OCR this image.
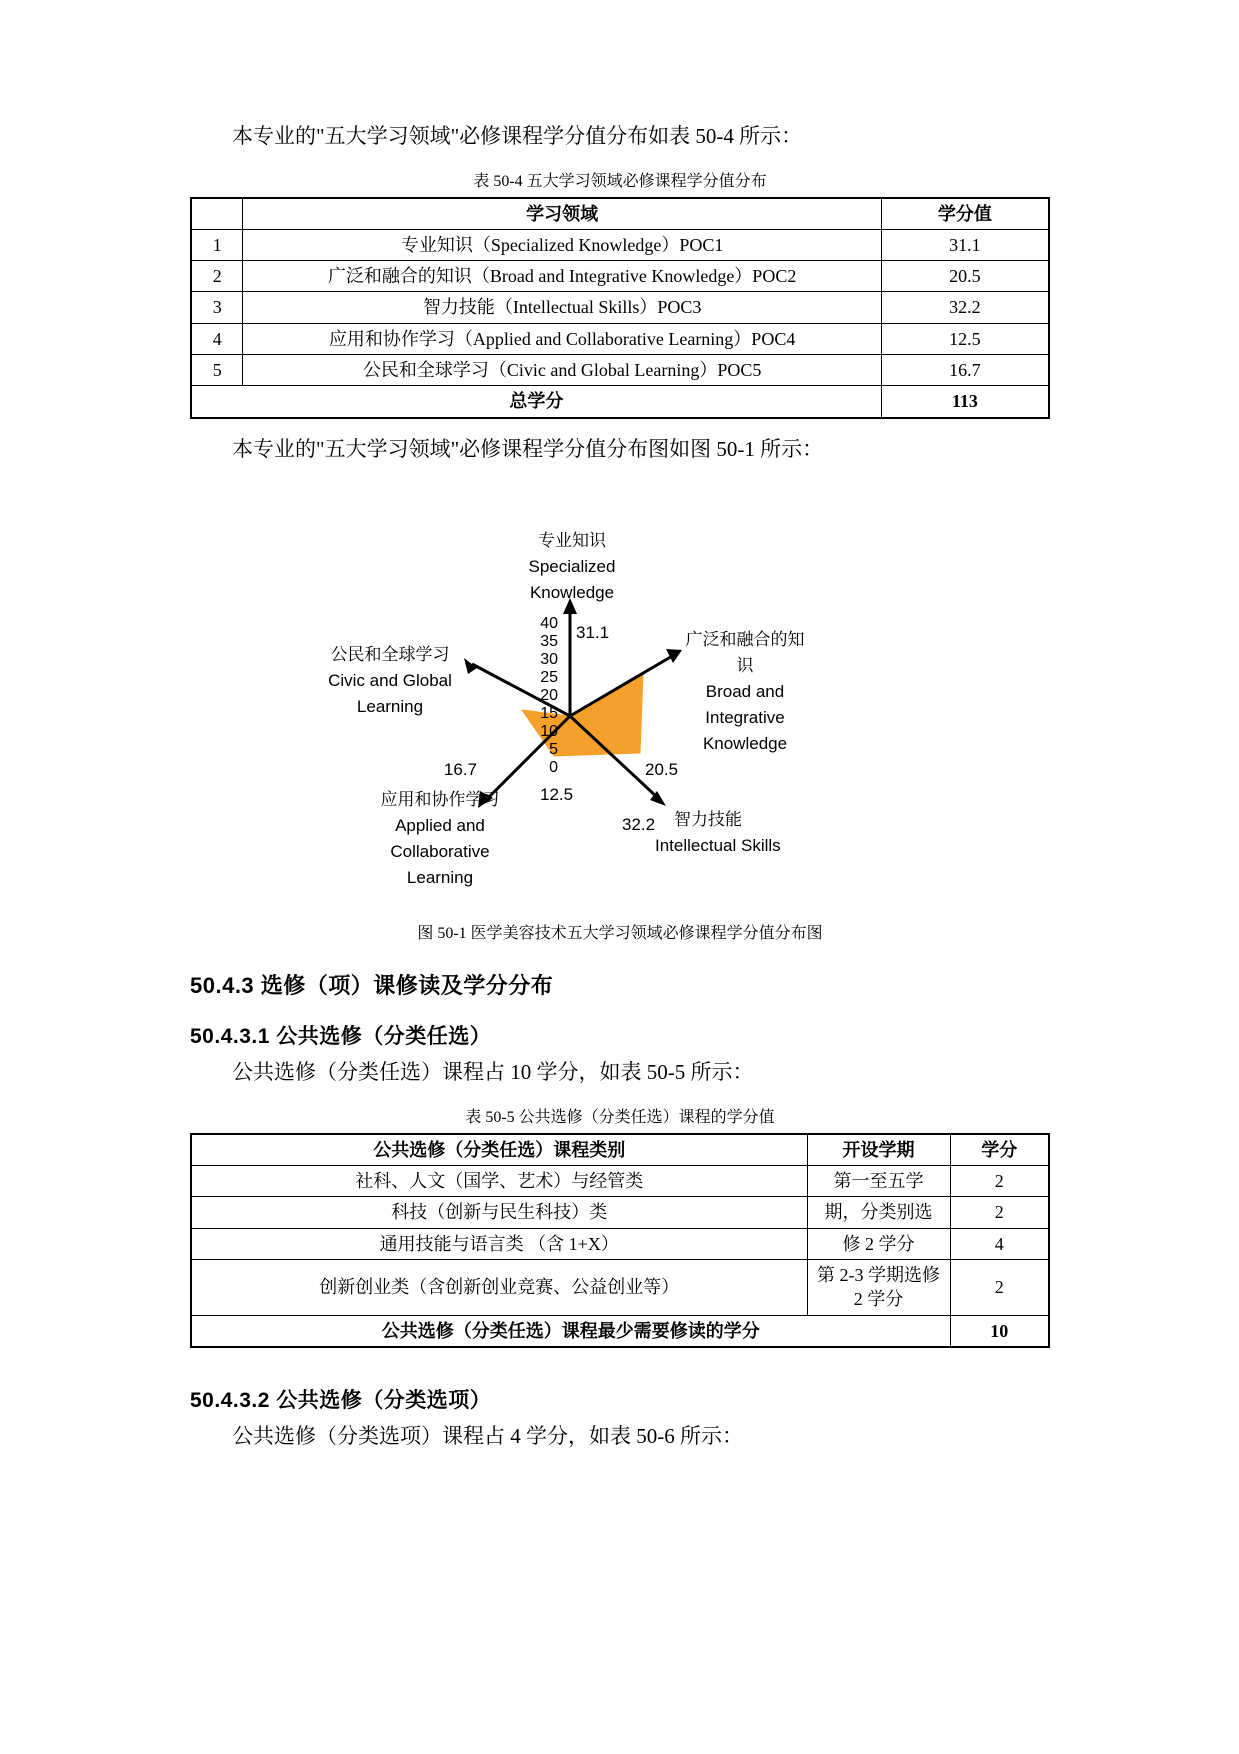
本专业的"五大学习领域"必修课程学分值分布如表 50-4 所示：

表 50-4 五大学习领域必修课程学分值分布
	学习领域	学分值
1	专业知识（Specialized Knowledge）POC1	31.1
2	广泛和融合的知识（Broad and Integrative Knowledge）POC2	20.5
3	智力技能（Intellectual Skills）POC3	32.2
4	应用和协作学习（Applied and Collaborative Learning）POC4	12.5
5	公民和全球学习（Civic and Global Learning）POC5	16.7
总学分		113

本专业的"五大学习领域"必修课程学分值分布图如图 50-1 所示：

40
35
30
25
20
15
10
5
0
31.1
20.5
32.2
12.5
16.7
专业知识
Specialized
Knowledge
广泛和融合的知
识
Broad and
Integrative
Knowledge
智力技能
Intellectual Skills
应用和协作学习
Applied and
Collaborative
Learning
公民和全球学习
Civic and Global
Learning
图 50-1 医学美容技术五大学习领域必修课程学分值分布图
50.4.3 选修（项）课修读及学分分布
50.4.3.1 公共选修（分类任选）

公共选修（分类任选）课程占 10 学分，如表 50-5 所示：

表 50-5 公共选修（分类任选）课程的学分值
公共选修（分类任选）课程类别	开设学期	学分
社科、人文（国学、艺术）与经管类	第一至五学	2
科技（创新与民生科技）类	期，分类别选	2
通用技能与语言类 （含 1+X）	修 2 学分	4
创新创业类（含创新创业竞赛、公益创业等）	第 2-3 学期选修 2 学分	2
公共选修（分类任选）课程最少需要修读的学分		10
50.4.3.2 公共选修（分类选项）

公共选修（分类选项）课程占 4 学分，如表 50-6 所示：
